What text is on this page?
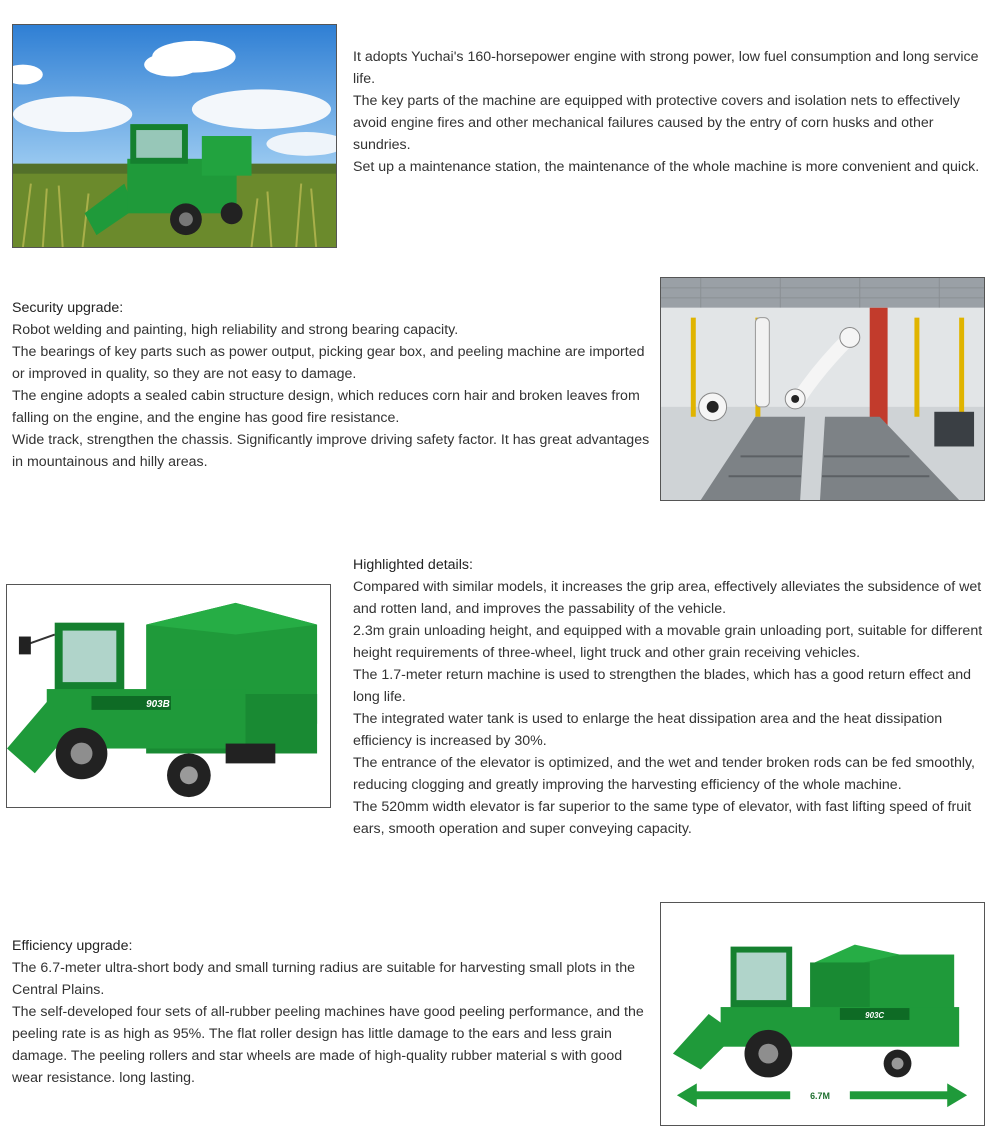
It adopts Yuchai's 160-horsepower engine with strong power, low fuel consumption and long service life.

The key parts of the machine are equipped with protective covers and isolation nets to effectively avoid engine fires and other mechanical failures caused by the entry of corn husks and other sundries.

Set up a maintenance station, the maintenance of the whole machine is more convenient and quick.

Security upgrade:

Robot welding and painting, high reliability and strong bearing capacity.

The bearings of key parts such as power output, picking gear box, and peeling machine are imported or improved in quality, so they are not easy to damage.

The engine adopts a sealed cabin structure design, which reduces corn hair and broken leaves from falling on the engine, and the engine has good fire resistance.

Wide track, strengthen the chassis. Significantly improve driving safety factor. It has great advantages in mountainous and hilly areas.

903B
Highlighted details:

Compared with similar models, it increases the grip area, effectively alleviates the subsidence of wet and rotten land, and improves the passability of the vehicle.

2.3m grain unloading height, and equipped with a movable grain unloading port, suitable for different height requirements of three-wheel, light truck and other grain receiving vehicles.

The 1.7-meter return machine is used to strengthen the blades, which has a good return effect and long life.

The integrated water tank is used to enlarge the heat dissipation area and the heat dissipation efficiency is increased by 30%.

The entrance of the elevator is optimized, and the wet and tender broken rods can be fed smoothly, reducing clogging and greatly improving the harvesting efficiency of the whole machine.

The 520mm width elevator is far superior to the same type of elevator, with fast lifting speed of fruit ears, smooth operation and super conveying capacity.

Efficiency upgrade:

The 6.7-meter ultra-short body and small turning radius are suitable for harvesting small plots in the Central Plains.

The self-developed four sets of all-rubber peeling machines have good peeling performance, and the peeling rate is as high as 95%. The flat roller design has little damage to the ears and less grain damage. The peeling rollers and star wheels are made of high-quality rubber material s with good wear resistance. long lasting.

903C
6.7M
